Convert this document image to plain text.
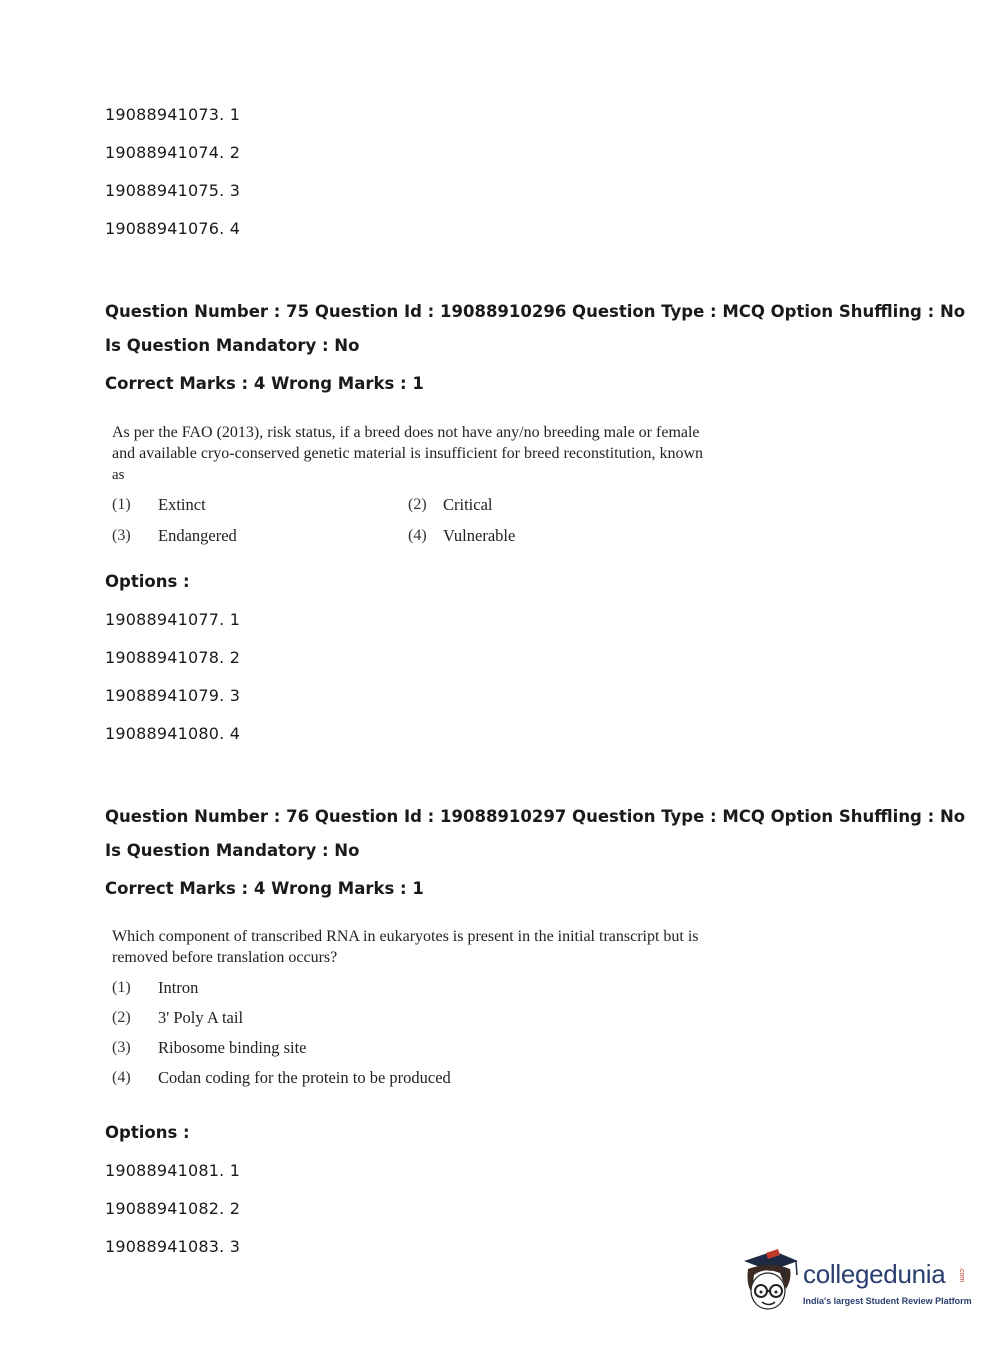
19088941073. 1
19088941074. 2
19088941075. 3
19088941076. 4
Question Number : 75 Question Id : 19088910296 Question Type : MCQ Option Shuffling : No
Is Question Mandatory : No
Correct Marks : 4 Wrong Marks : 1
As per the FAO (2013), risk status, if a breed does not have any/no breeding male or female
and available cryo-conserved genetic material is insufficient for breed reconstitution, known
as
(1) Extinct	(2) Critical
(3) Endangered	(4) Vulnerable
Options :
19088941077. 1
19088941078. 2
19088941079. 3
19088941080. 4
Question Number : 76 Question Id : 19088910297 Question Type : MCQ Option Shuffling : No
Is Question Mandatory : No
Correct Marks : 4 Wrong Marks : 1
Which component of transcribed RNA in eukaryotes is present in the initial transcript but is
removed before translation occurs?
(1) Intron
(2) 3' Poly A tail
(3) Ribosome binding site
(4) Codan coding for the protein to be produced
Options :
19088941081. 1
19088941082. 2
19088941083. 3
collegedunia .com
India's largest Student Review Platform
